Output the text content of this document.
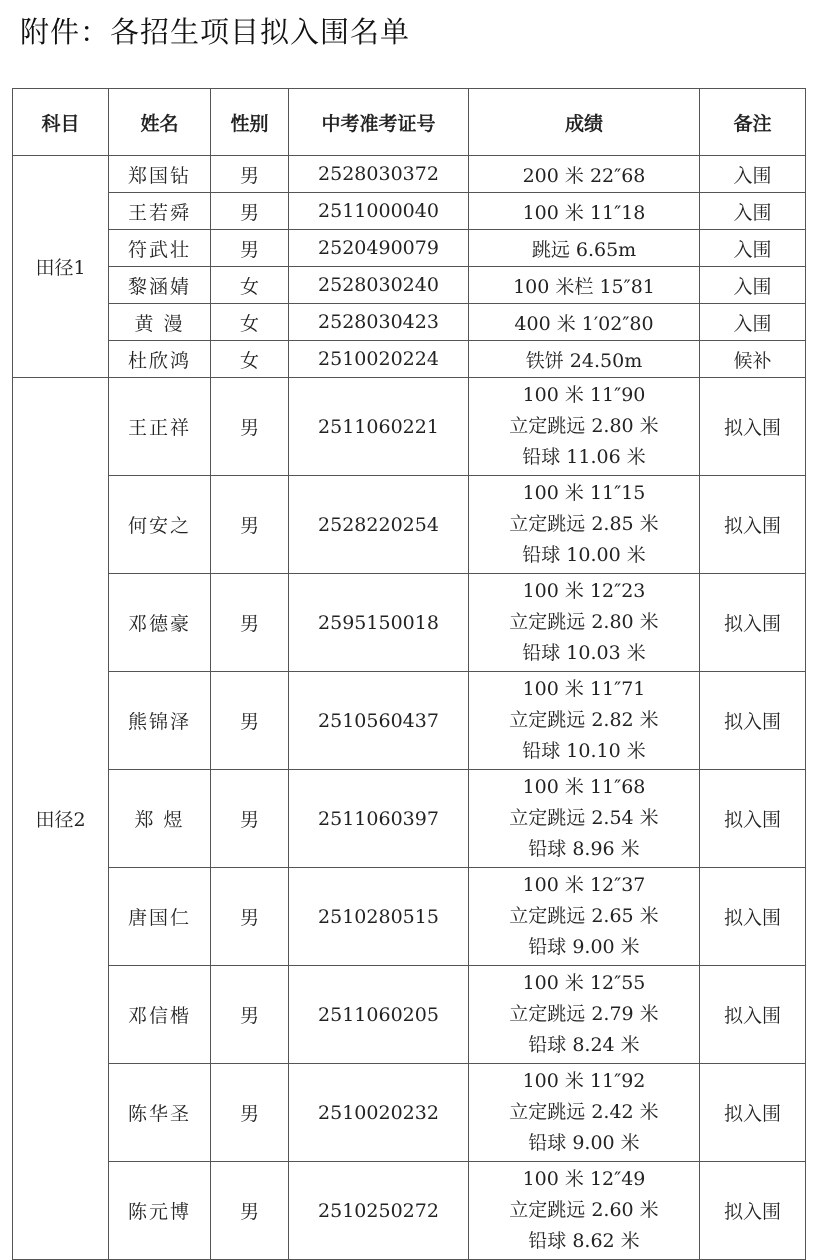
附件：各招生项目拟入围名单
科目	姓名	性别	中考准考证号	成绩	备注
田径1	郑国钻	男	2528030372	200 米 22″68	入围
	王若舜	男	2511000040	100 米 11″18	入围
	符武壮	男	2520490079	跳远 6.65m	入围
	黎涵婧	女	2528030240	100 米栏 15″81	入围
	黄 漫	女	2528030423	400 米 1′02″80	入围
	杜欣鸿	女	2510020224	铁饼 24.50m	候补
田径2	王正祥	男	2511060221	100 米 11″90
立定跳远 2.80 米
铅球 11.06 米	拟入围
	何安之	男	2528220254	100 米 11″15
立定跳远 2.85 米
铅球 10.00 米	拟入围
	邓德豪	男	2595150018	100 米 12″23
立定跳远 2.80 米
铅球 10.03 米	拟入围
	熊锦泽	男	2510560437	100 米 11″71
立定跳远 2.82 米
铅球 10.10 米	拟入围
	郑 煜	男	2511060397	100 米 11″68
立定跳远 2.54 米
铅球 8.96 米	拟入围
	唐国仁	男	2510280515	100 米 12″37
立定跳远 2.65 米
铅球 9.00 米	拟入围
	邓信楷	男	2511060205	100 米 12″55
立定跳远 2.79 米
铅球 8.24 米	拟入围
	陈华圣	男	2510020232	100 米 11″92
立定跳远 2.42 米
铅球 9.00 米	拟入围
	陈元博	男	2510250272	100 米 12″49
立定跳远 2.60 米
铅球 8.62 米	拟入围
